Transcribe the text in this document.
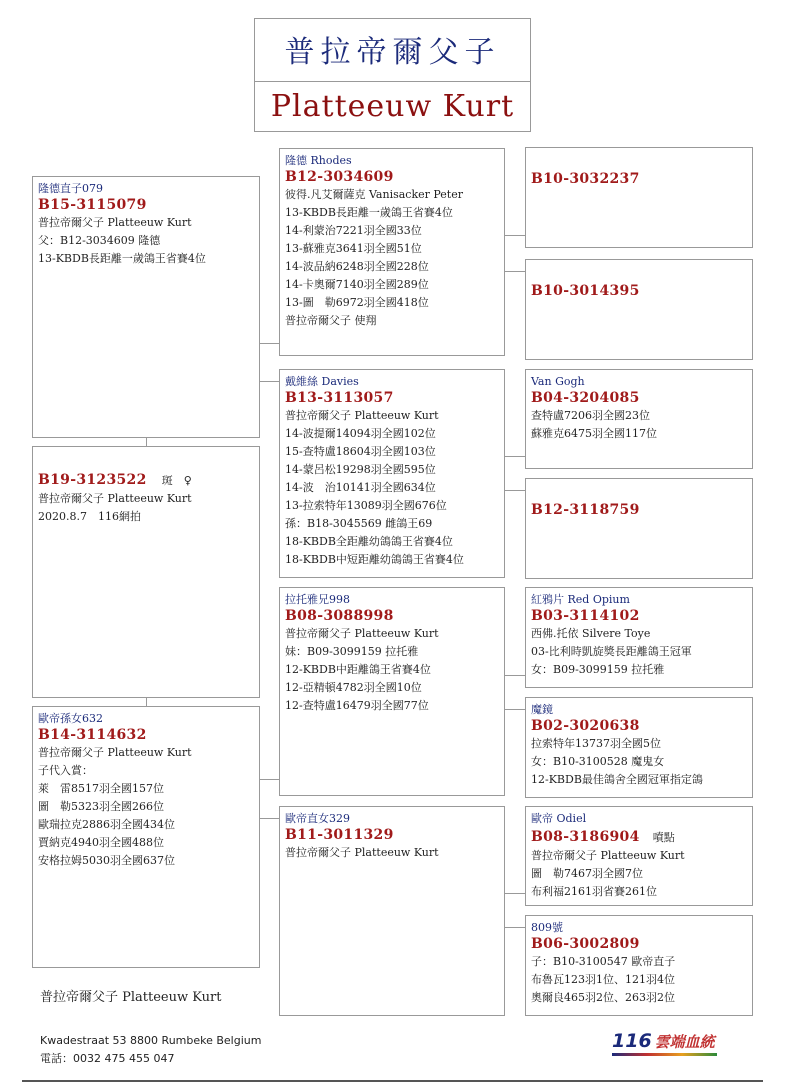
普拉帝爾父子
Platteeuw Kurt
隆德直子079
B15-3115079
普拉帝爾父子 Platteeuw Kurt
父：B12-3034609 隆德
13-KBDB長距離一歲鴿王省賽4位
B19-3123522 斑　♀
普拉帝爾父子 Platteeuw Kurt
2020.8.7　116網拍
歐帝孫女632
B14-3114632
普拉帝爾父子 Platteeuw Kurt
子代入賞：
萊　雷8517羽全國157位
圖　勒5323羽全國266位
歐瑞拉克2886羽全國434位
賈納克4940羽全國488位
安格拉姆5030羽全國637位
隆德 Rhodes
B12-3034609
彼得.凡艾爾薩克 Vanisacker Peter
13-KBDB長距離一歲鴿王省賽4位
14-利蒙治7221羽全國33位
13-蘇雅克3641羽全國51位
14-波品納6248羽全國228位
14-卡奧爾7140羽全國289位
13-圖　勒6972羽全國418位
普拉帝爾父子 使翔
戴維絲 Davies
B13-3113057
普拉帝爾父子 Platteeuw Kurt
14-波提爾14094羽全國102位
15-查特盧18604羽全國103位
14-蒙呂松19298羽全國595位
14-波　治10141羽全國634位
13-拉索特年13089羽全國676位
孫：B18-3045569 雌鴿王69
18-KBDB全距離幼鴿鴿王省賽4位
18-KBDB中短距離幼鴿鴿王省賽4位
拉托雅兄998
B08-3088998
普拉帝爾父子 Platteeuw Kurt
妹：B09-3099159 拉托雅
12-KBDB中距離鴿王省賽4位
12-亞精頓4782羽全國10位
12-查特盧16479羽全國77位
歐帝直女329
B11-3011329
普拉帝爾父子 Platteeuw Kurt
B10-3032237
B10-3014395
Van Gogh
B04-3204085
查特盧7206羽全國23位
蘇雅克6475羽全國117位
B12-3118759
紅鴉片 Red Opium
B03-3114102
西佛.托依 Silvere Toye
03-比利時凱旋獎長距離鴿王冠軍
女：B09-3099159 拉托雅
魔鏡
B02-3020638
拉索特年13737羽全國5位
女：B10-3100528 魔鬼女
12-KBDB最佳鴿舍全國冠軍指定鴿
歐帝 Odiel
B08-3186904 噴點
普拉帝爾父子 Platteeuw Kurt
圖　勒7467羽全國7位
布利福2161羽省賽261位
809號
B06-3002809
子：B10-3100547 歐帝直子
布魯瓦123羽1位、121羽4位
奧爾良465羽2位、263羽2位
普拉帝爾父子 Platteeuw Kurt
Kwadestraat 53 8800 Rumbeke Belgium
電話：0032 475 455 047
116 雲端血統
